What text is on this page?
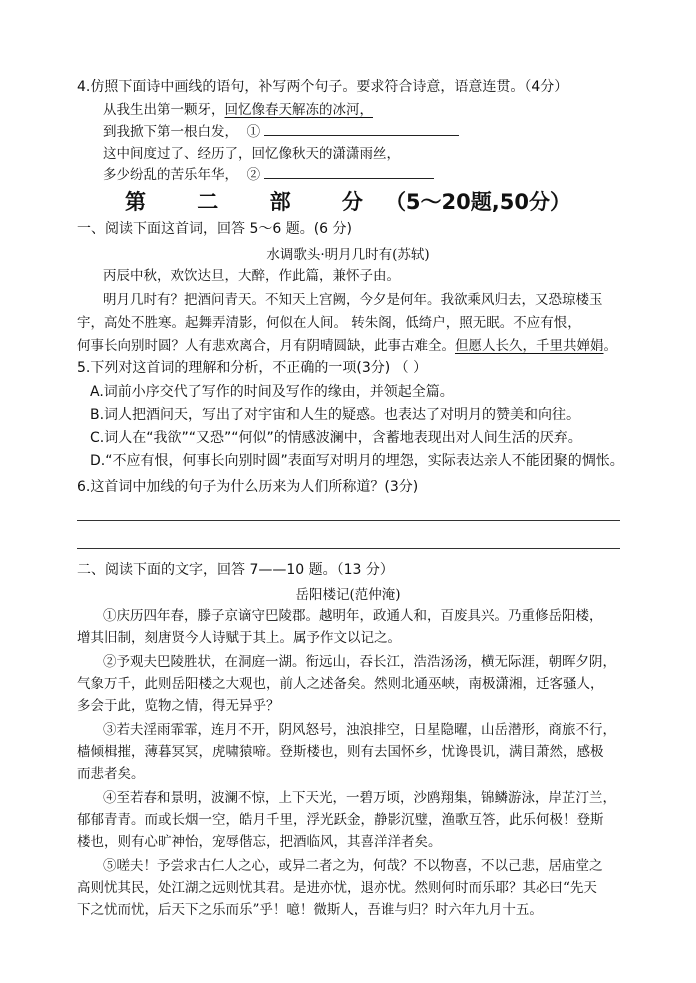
4.仿照下面诗中画线的语句，补写两个句子。要求符合诗意，语意连贯。（4分）
从我生出第一颗牙，回忆像春天解冻的冰河，
到我掀下第一根白发， ①
这中间度过了、经历了，回忆像秋天的潇潇雨丝，
多少纷乱的苦乐年华， ②
第 二 部 分（5～20题,50分）
一、阅读下面这首词，回答 5～6 题。(6 分)
水调歌头·明月几时有(苏轼)
丙辰中秋，欢饮达旦，大醉，作此篇，兼怀子由。
明月几时有？把酒问青天。不知天上宫阙，今夕是何年。我欲乘风归去，又恐琼楼玉
宇，高处不胜寒。起舞弄清影，何似在人间。 转朱阁，低绮户，照无眠。不应有恨，
何事长向别时圆？人有悲欢离合，月有阴晴圆缺，此事古难全。但愿人长久，千里共婵娟。
5.下列对这首词的理解和分析，不正确的一项(3分) （ ）
A.词前小序交代了写作的时间及写作的缘由，并领起全篇。
B.词人把酒问天，写出了对宇宙和人生的疑惑。也表达了对明月的赞美和向往。
C.词人在“我欲”“又恐”“何似”的情感波澜中，含蓄地表现出对人间生活的厌弃。
D.“不应有恨，何事长向别时圆”表面写对明月的埋怨，实际表达亲人不能团聚的惆怅。
6.这首词中加线的句子为什么历来为人们所称道？(3分)
二、阅读下面的文字，回答 7——10 题。（13 分）
岳阳楼记(范仲淹)
①庆历四年春，滕子京谪守巴陵郡。越明年，政通人和，百废具兴。乃重修岳阳楼，
增其旧制，刻唐贤今人诗赋于其上。属予作文以记之。
②予观夫巴陵胜状，在洞庭一湖。衔远山，吞长江，浩浩汤汤，横无际涯，朝晖夕阴，
气象万千，此则岳阳楼之大观也，前人之述备矣。然则北通巫峡，南极潇湘，迁客骚人，
多会于此，览物之情，得无异乎？
③若夫淫雨霏霏，连月不开，阴风怒号，浊浪排空，日星隐曜，山岳潜形，商旅不行，
樯倾楫摧，薄暮冥冥，虎啸猿啼。登斯楼也，则有去国怀乡，忧谗畏讥，满目萧然，感极
而悲者矣。
④至若春和景明，波澜不惊，上下天光，一碧万顷，沙鸥翔集，锦鳞游泳，岸芷汀兰，
郁郁青青。而或长烟一空，皓月千里，浮光跃金，静影沉璧，渔歌互答，此乐何极！登斯
楼也，则有心旷神怡，宠辱偕忘，把酒临风，其喜洋洋者矣。
⑤嗟夫！予尝求古仁人之心，或异二者之为，何哉？不以物喜，不以己悲，居庙堂之
高则忧其民，处江湖之远则忧其君。是进亦忧，退亦忧。然则何时而乐耶？其必曰“先天
下之忧而忧，后天下之乐而乐”乎！噫！微斯人，吾谁与归？时六年九月十五。
